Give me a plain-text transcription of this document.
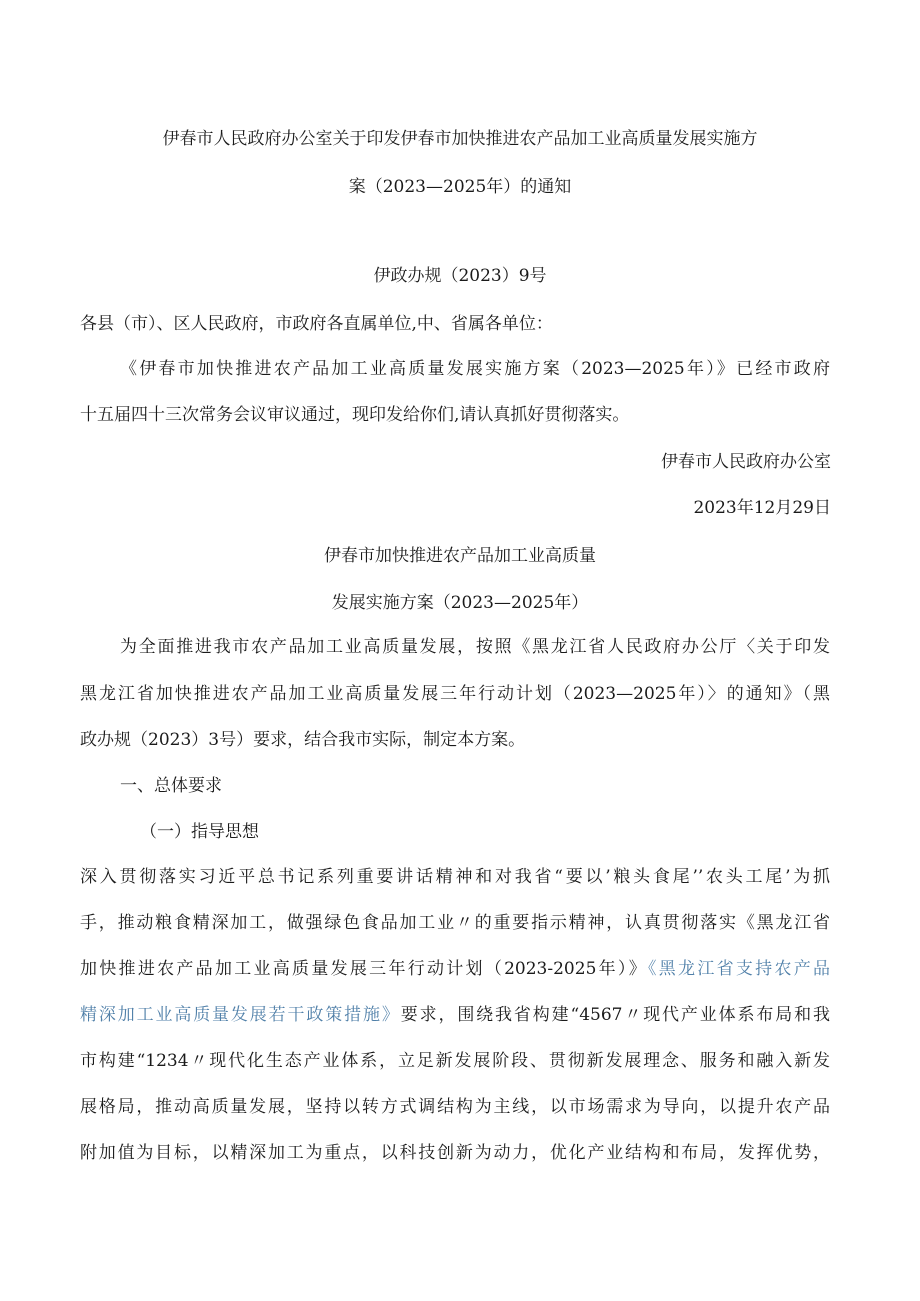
伊春市人民政府办公室关于印发伊春市加快推进农产品加工业高质量发展实施方
案（2023—2025年）的通知
伊政办规（2023）9号
各县（市）、区人民政府，市政府各直属单位,中、省属各单位：
《伊春市加快推进农产品加工业高质量发展实施方案（2023—2025年）》已经市政府
十五届四十三次常务会议审议通过，现印发给你们,请认真抓好贯彻落实。
伊春市人民政府办公室
2023年12月29日
伊春市加快推进农产品加工业高质量
发展实施方案（2023—2025年）
为全面推进我市农产品加工业高质量发展，按照《黑龙江省人民政府办公厅〈关于印发
黑龙江省加快推进农产品加工业高质量发展三年行动计划（2023—2025年）〉的通知》（黑
政办规（2023）3号）要求，结合我市实际，制定本方案。
一、总体要求
（一）指导思想
深入贯彻落实习近平总书记系列重要讲话精神和对我省“要以’粮头食尾’’农头工尾’为抓
手，推动粮食精深加工，做强绿色食品加工业〃的重要指示精神，认真贯彻落实《黑龙江省
加快推进农产品加工业高质量发展三年行动计划（2023-2025年）》《黑龙江省支持农产品
精深加工业高质量发展若干政策措施》要求，围绕我省构建“4567〃现代产业体系布局和我
市构建“1234〃现代化生态产业体系，立足新发展阶段、贯彻新发展理念、服务和融入新发
展格局，推动高质量发展，坚持以转方式调结构为主线，以市场需求为导向，以提升农产品
附加值为目标，以精深加工为重点，以科技创新为动力，优化产业结构和布局，发挥优势，
